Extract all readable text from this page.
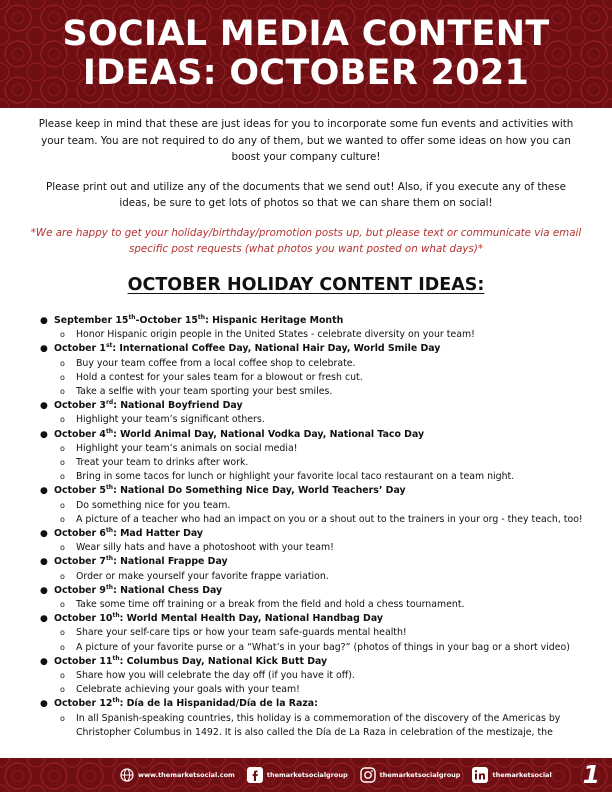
SOCIAL MEDIA CONTENT
IDEAS: OCTOBER 2021

Please keep in mind that these are just ideas for you to incorporate some fun events and activities with your team. You are not required to do any of them, but we wanted to offer some ideas on how you can boost your company culture!

Please print out and utilize any of the documents that we send out! Also, if you execute any of these ideas, be sure to get lots of photos so that we can share them on social!

*We are happy to get your holiday/birthday/promotion posts up, but please text or communicate via email specific post requests (what photos you want posted on what days)*

OCTOBER HOLIDAY CONTENT IDEAS:
● September 15th-October 15th: Hispanic Heritage Month
o Honor Hispanic origin people in the United States - celebrate diversity on your team!
● October 1st: International Coffee Day, National Hair Day, World Smile Day
o Buy your team coffee from a local coffee shop to celebrate.
o Hold a contest for your sales team for a blowout or fresh cut.
o Take a selfie with your team sporting your best smiles.
● October 3rd: National Boyfriend Day
o Highlight your team’s significant others.
● October 4th: World Animal Day, National Vodka Day, National Taco Day
o Highlight your team’s animals on social media!
o Treat your team to drinks after work.
o Bring in some tacos for lunch or highlight your favorite local taco restaurant on a team night.
● October 5th: National Do Something Nice Day, World Teachers’ Day
o Do something nice for you team.
o A picture of a teacher who had an impact on you or a shout out to the trainers in your org - they teach, too!
● October 6th: Mad Hatter Day
o Wear silly hats and have a photoshoot with your team!
● October 7th: National Frappe Day
o Order or make yourself your favorite frappe variation.
● October 9th: National Chess Day
o Take some time off training or a break from the field and hold a chess tournament.
● October 10th: World Mental Health Day, National Handbag Day
o Share your self-care tips or how your team safe-guards mental health!
o A picture of your favorite purse or a “What’s in your bag?” (photos of things in your bag or a short video)
● October 11th: Columbus Day, National Kick Butt Day
o Share how you will celebrate the day off (if you have it off).
o Celebrate achieving your goals with your team!
● October 12th: Día de la Hispanidad/Día de la Raza:
o In all Spanish-speaking countries, this holiday is a commemoration of the discovery of the Americas by Christopher Columbus in 1492. It is also called the Día de La Raza in celebration of the mestizaje, the
www.themarketsocial.com	themarketsocialgroup	themarketsocialgroup	themarketsocial 1
